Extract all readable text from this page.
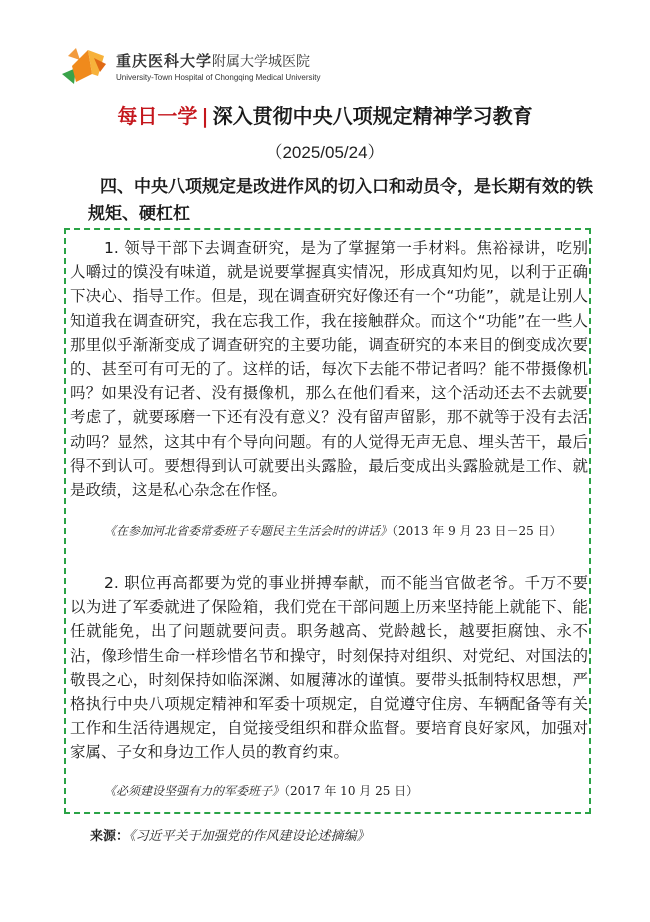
重庆医科大学附属大学城医院
University-Town Hospital of Chongqing Medical University
每日一学 | 深入贯彻中央八项规定精神学习教育
（2025/05/24）
四、中央八项规定是改进作风的切入口和动员令，是长期有效的铁规矩、硬杠杠
1. 领导干部下去调查研究，是为了掌握第一手材料。焦裕禄讲，吃别人嚼过的馍没有味道，就是说要掌握真实情况，形成真知灼见，以利于正确下决心、指导工作。但是，现在调查研究好像还有一个“功能”，就是让别人知道我在调查研究，我在忘我工作，我在接触群众。而这个“功能”在一些人那里似乎渐渐变成了调查研究的主要功能，调查研究的本来目的倒变成次要的、甚至可有可无的了。这样的话，每次下去能不带记者吗？能不带摄像机吗？如果没有记者、没有摄像机，那么在他们看来，这个活动还去不去就要考虑了，就要琢磨一下还有没有意义？没有留声留影，那不就等于没有去活动吗？显然，这其中有个导向问题。有的人觉得无声无息、埋头苦干，最后得不到认可。要想得到认可就要出头露脸，最后变成出头露脸就是工作、就是政绩，这是私心杂念在作怪。
《在参加河北省委常委班子专题民主生活会时的讲话》（2013 年 9 月 23 日－25 日）
2. 职位再高都要为党的事业拼搏奉献，而不能当官做老爷。千万不要以为进了军委就进了保险箱，我们党在干部问题上历来坚持能上就能下、能任就能免，出了问题就要问责。职务越高、党龄越长，越要拒腐蚀、永不沾，像珍惜生命一样珍惜名节和操守，时刻保持对组织、对党纪、对国法的敬畏之心，时刻保持如临深渊、如履薄冰的谨慎。要带头抵制特权思想，严格执行中央八项规定精神和军委十项规定，自觉遵守住房、车辆配备等有关工作和生活待遇规定，自觉接受组织和群众监督。要培育良好家风，加强对家属、子女和身边工作人员的教育约束。
《必须建设坚强有力的军委班子》（2017 年 10 月 25 日）
来源：《习近平关于加强党的作风建设论述摘编》
